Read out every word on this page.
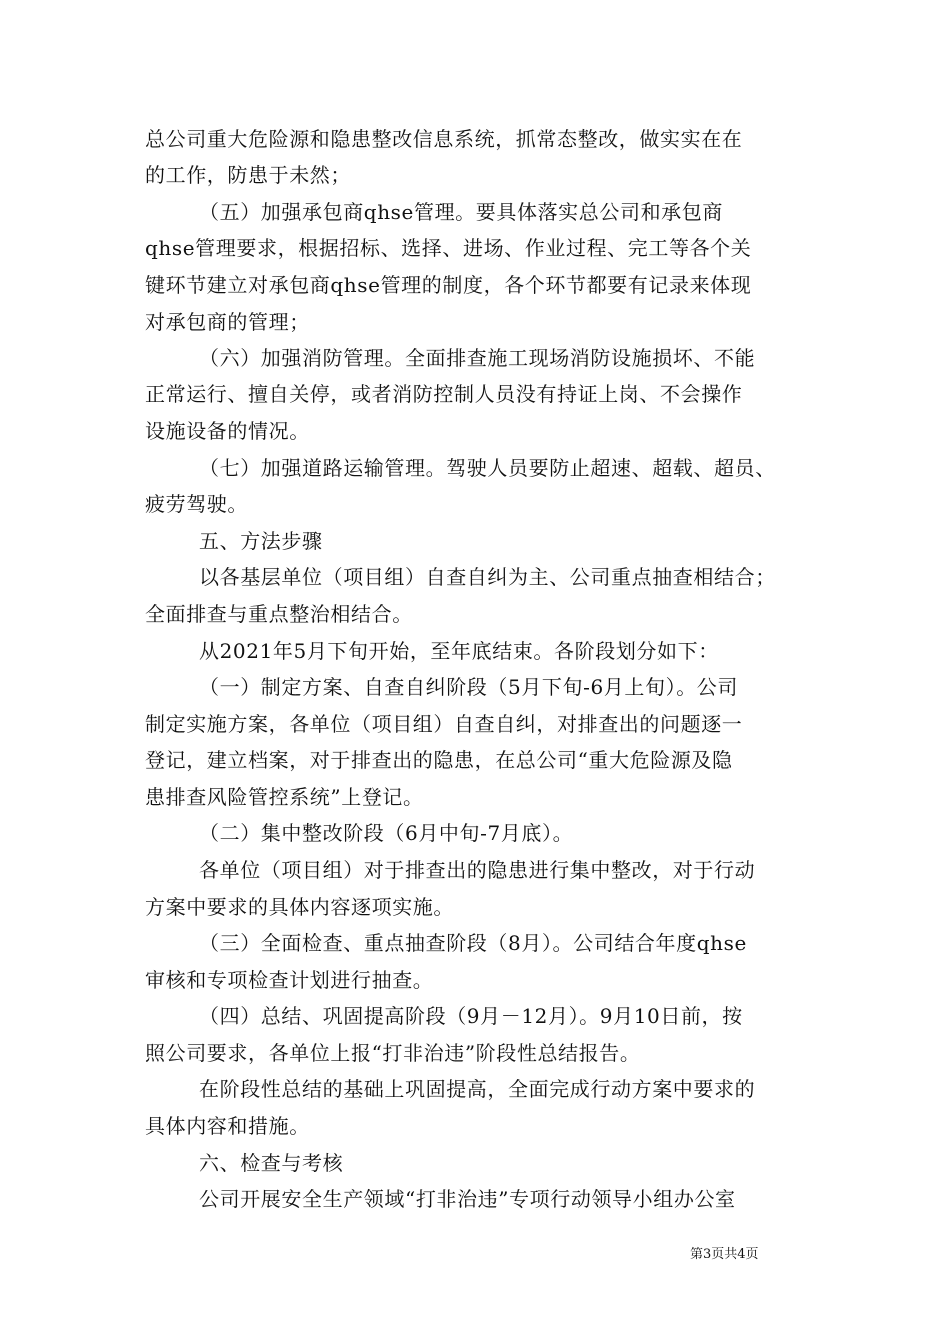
总公司重大危险源和隐患整改信息系统，抓常态整改，做实实在在
的工作，防患于未然；
（五）加强承包商qhse管理。要具体落实总公司和承包商
qhse管理要求，根据招标、选择、进场、作业过程、完工等各个关
键环节建立对承包商qhse管理的制度，各个环节都要有记录来体现
对承包商的管理；
（六）加强消防管理。全面排查施工现场消防设施损坏、不能
正常运行、擅自关停，或者消防控制人员没有持证上岗、不会操作
设施设备的情况。
（七）加强道路运输管理。驾驶人员要防止超速、超载、超员、
疲劳驾驶。
五、方法步骤
以各基层单位（项目组）自查自纠为主、公司重点抽查相结合；
全面排查与重点整治相结合。
从2021年5月下旬开始，至年底结束。各阶段划分如下：
（一）制定方案、自查自纠阶段（5月下旬-6月上旬）。公司
制定实施方案，各单位（项目组）自查自纠，对排查出的问题逐一
登记，建立档案，对于排查出的隐患，在总公司“重大危险源及隐
患排查风险管控系统”上登记。
（二）集中整改阶段（6月中旬-7月底）。
各单位（项目组）对于排查出的隐患进行集中整改，对于行动
方案中要求的具体内容逐项实施。
（三）全面检查、重点抽查阶段（8月）。公司结合年度qhse
审核和专项检查计划进行抽查。
（四）总结、巩固提高阶段（9月－12月）。9月10日前，按
照公司要求，各单位上报“打非治违”阶段性总结报告。
在阶段性总结的基础上巩固提高，全面完成行动方案中要求的
具体内容和措施。
六、检查与考核
公司开展安全生产领域“打非治违”专项行动领导小组办公室
第3页共4页
